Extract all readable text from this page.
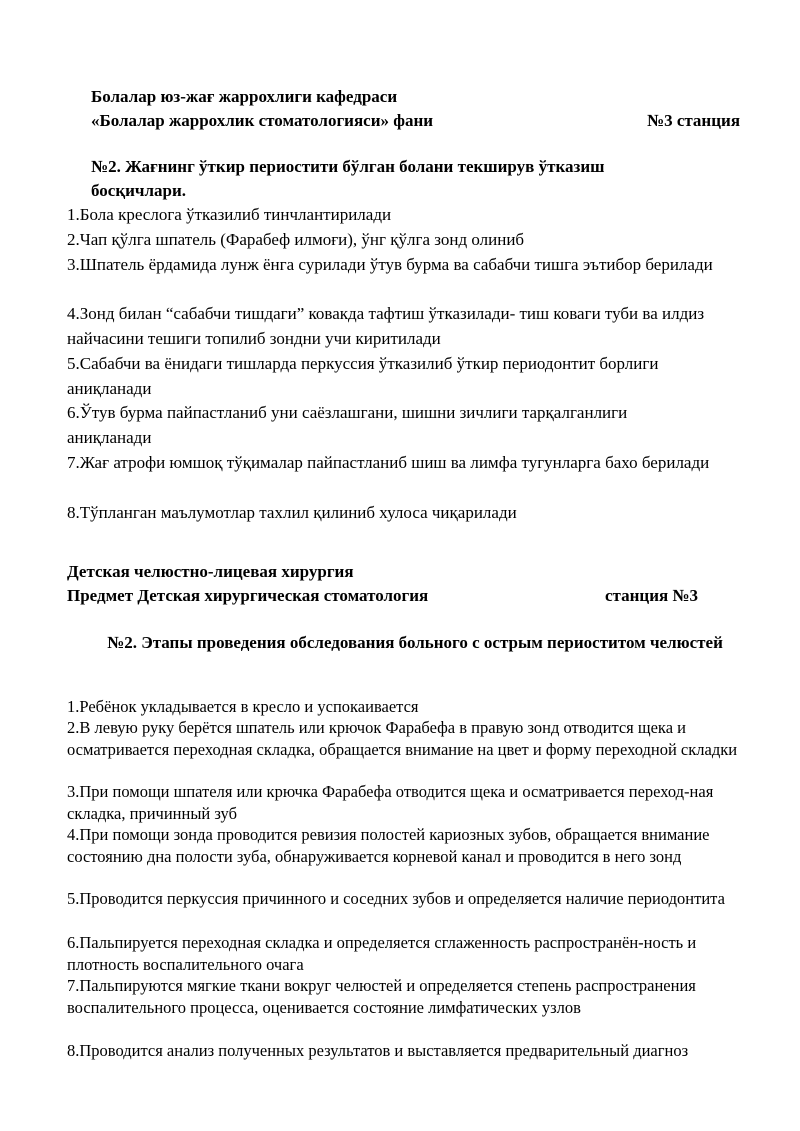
Болалар юз-жағ жаррохлиги кафедраси
«Болалар жаррохлик стоматологияси» фани	№3 станция
№2. Жағнинг ўткир периостити бўлган болани текширув ўтказиш
босқичлари.
1.Бола креслога ўтказилиб тинчлантирилади
2.Чап қўлга шпатель (Фарабеф илмоғи), ўнг қўлга зонд олиниб
3.Шпатель ёрдамида лунж ёнга сурилади ўтув бурма ва сабабчи тишга эътибор берилади
4.Зонд билан “сабабчи тишдаги” ковакда тафтиш ўтказилади- тиш коваги туби ва илдиз найчасини тешиги топилиб зондни учи киритилади
5.Сабабчи ва ёнидаги тишларда перкуссия ўтказилиб ўткир периодонтит борлиги аниқланади
6.Ўтув бурма пайпастланиб уни саёзлашгани, шишни зичлиги тарқалганлиги аниқланади
7.Жағ атрофи юмшоқ тўқималар пайпастланиб шиш ва лимфа тугунларга бахо берилади
8.Тўпланган маълумотлар тахлил қилиниб хулоса чиқарилади
Детская челюстно-лицевая хирургия
Предмет Детская хирургическая стоматология	станция №3
№2. Этапы проведения обследования больного с острым периоститом челюстей
1.Ребёнок укладывается в кресло и успокаивается
2.В левую руку берётся шпатель или крючок Фарабефа в правую зонд отводится щека и осматривается переходная складка, обращается внимание на цвет и форму переходной складки
3.При помощи шпателя или крючка Фарабефа отводится щека и осматривается переход-ная складка, причинный зуб
4.При помощи зонда проводится ревизия полостей кариозных зубов, обращается внимание состоянию дна полости зуба, обнаруживается корневой канал и проводится в него зонд
5.Проводится перкуссия причинного и соседних зубов и определяется наличие периодонтита
6.Пальпируется переходная складка и определяется сглаженность распространён-ность и плотность воспалительного очага
7.Пальпируются мягкие ткани вокруг челюстей и определяется степень распространения воспалительного процесса, оценивается состояние лимфатических узлов
8.Проводится анализ полученных результатов и выставляется предварительный диагноз
